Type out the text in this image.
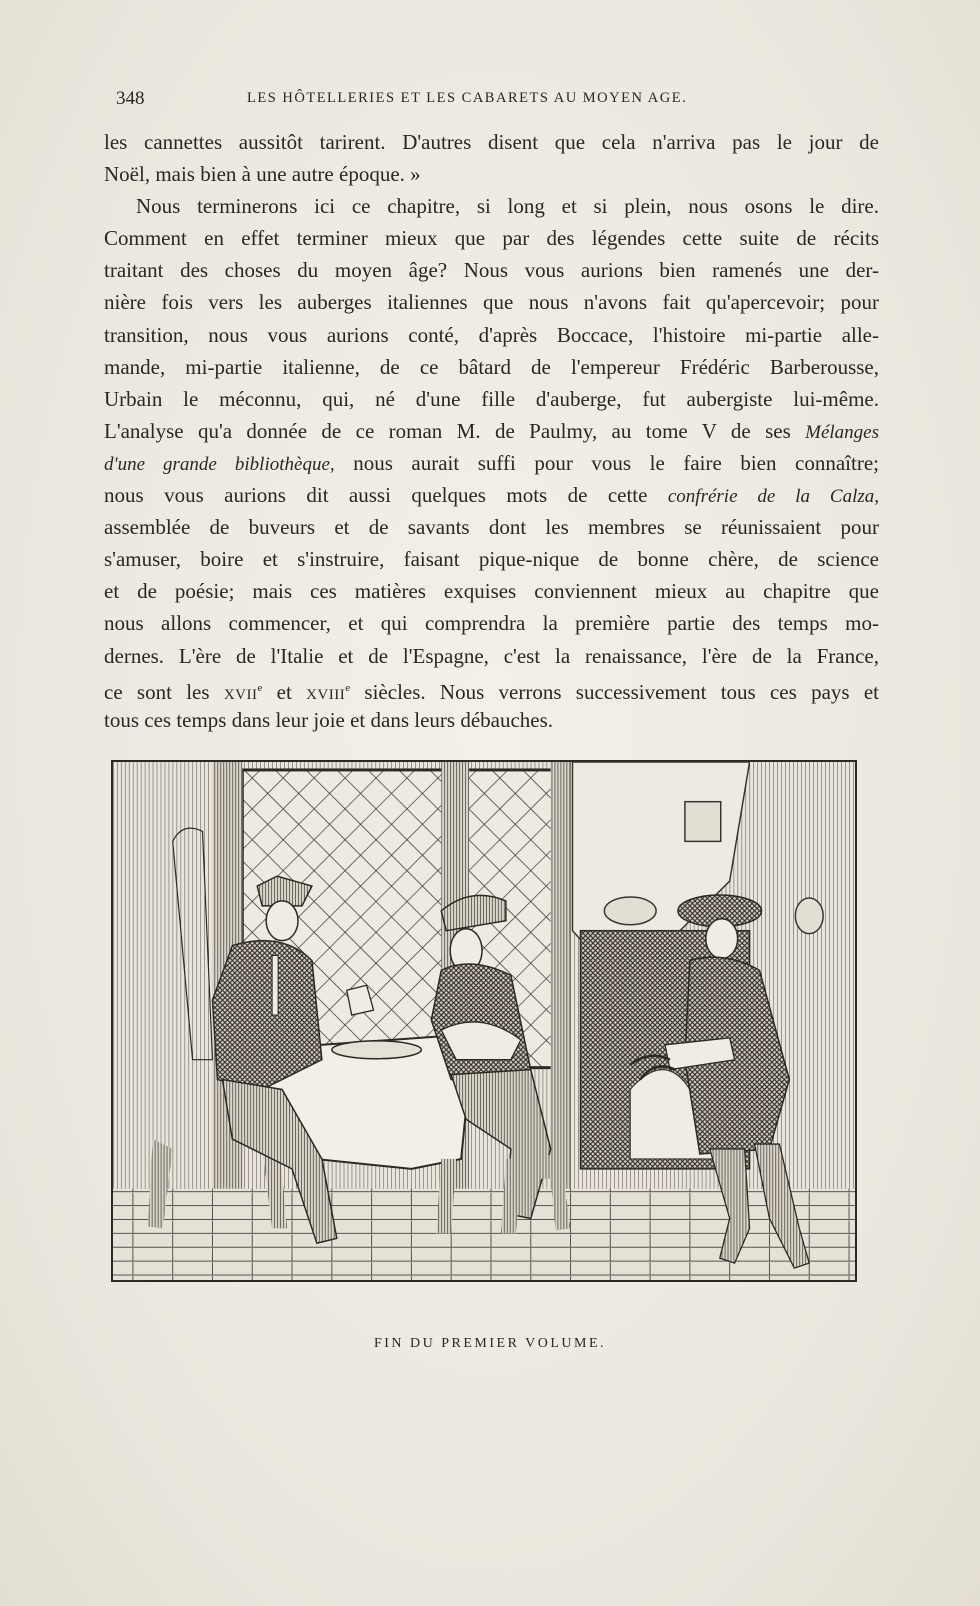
348	LES HÔTELLERIES ET LES CABARETS AU MOYEN AGE.
les cannettes aussitôt tarirent. D'autres disent que cela n'arriva pas le jour de
Noël, mais bien à une autre époque. »
Nous terminerons ici ce chapitre, si long et si plein, nous osons le dire.
Comment en effet terminer mieux que par des légendes cette suite de récits
traitant des choses du moyen âge? Nous vous aurions bien ramenés une der-
nière fois vers les auberges italiennes que nous n'avons fait qu'apercevoir; pour
transition, nous vous aurions conté, d'après Boccace, l'histoire mi-partie alle-
mande, mi-partie italienne, de ce bâtard de l'empereur Frédéric Barberousse,
Urbain le méconnu, qui, né d'une fille d'auberge, fut aubergiste lui-même.
L'analyse qu'a donnée de ce roman M. de Paulmy, au tome V de ses Mélanges
d'une grande bibliothèque, nous aurait suffi pour vous le faire bien connaître;
nous vous aurions dit aussi quelques mots de cette confrérie de la Calza,
assemblée de buveurs et de savants dont les membres se réunissaient pour
s'amuser, boire et s'instruire, faisant pique-nique de bonne chère, de science
et de poésie; mais ces matières exquises conviennent mieux au chapitre que
nous allons commencer, et qui comprendra la première partie des temps mo-
dernes. L'ère de l'Italie et de l'Espagne, c'est la renaissance, l'ère de la France,
ce sont les XVIIe et XVIIIe siècles. Nous verrons successivement tous ces pays et
tous ces temps dans leur joie et dans leurs débauches.
FIN DU PREMIER VOLUME.
